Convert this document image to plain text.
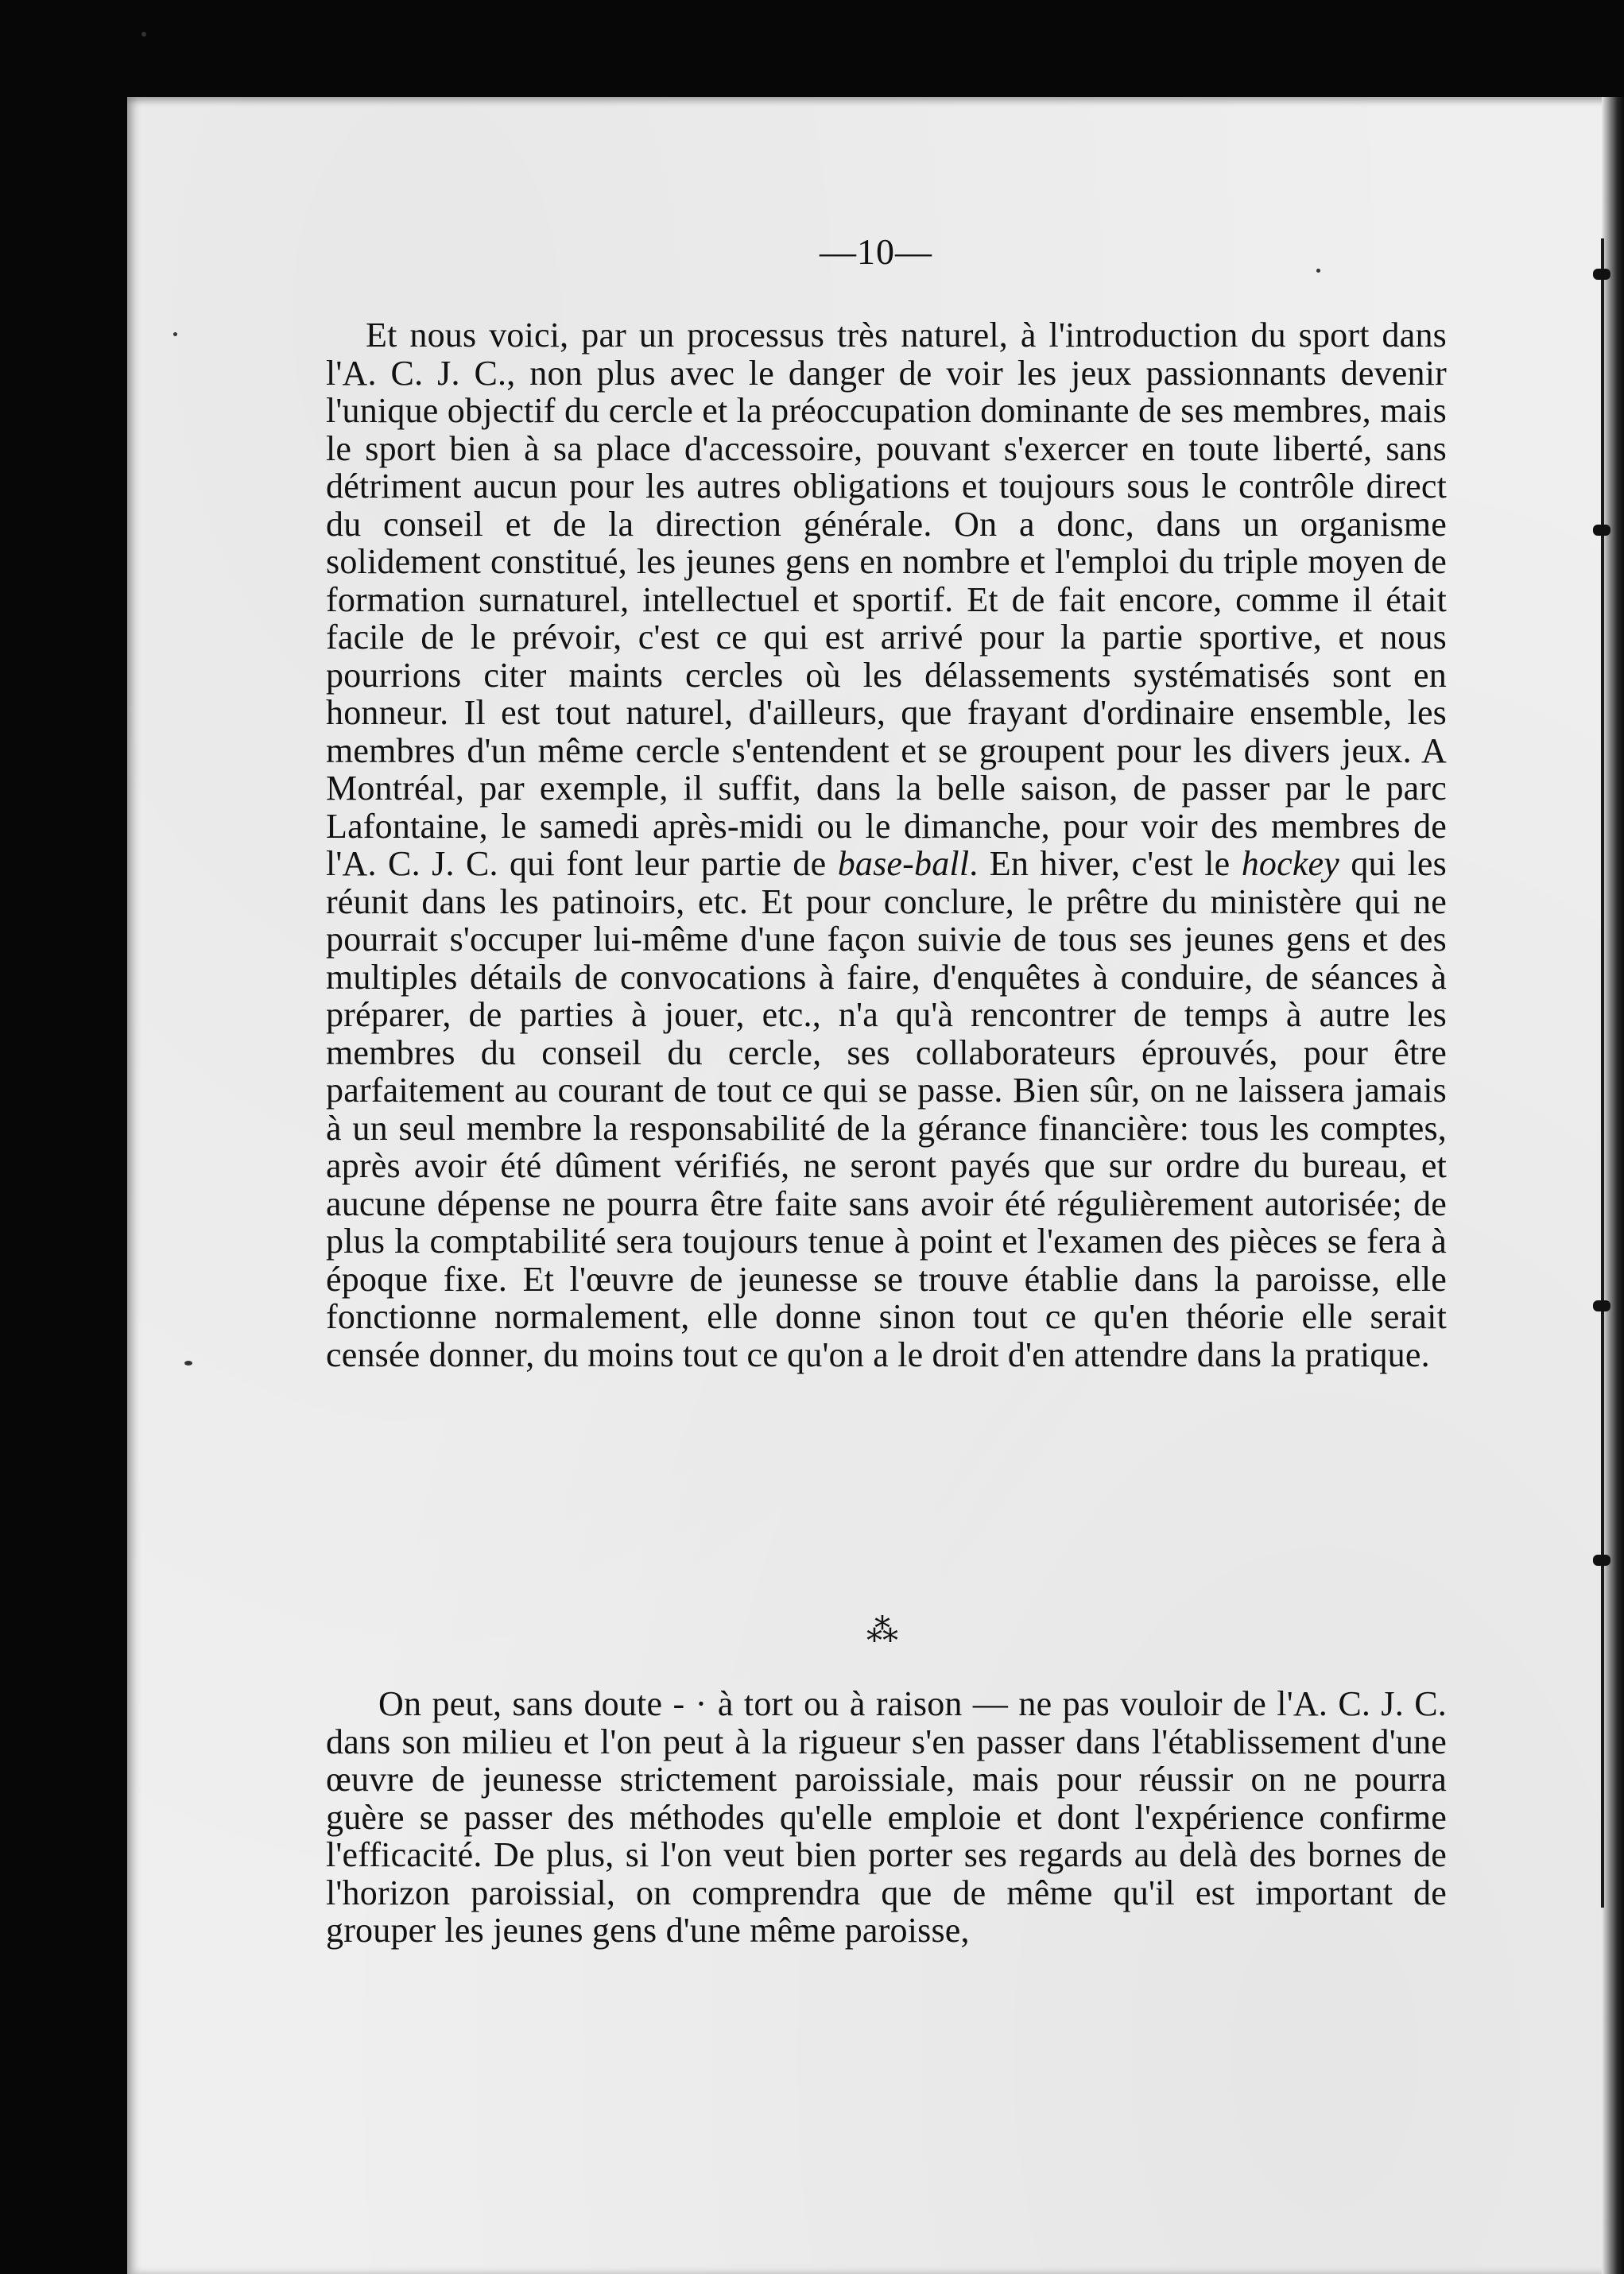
—10—

Et nous voici, par un processus très naturel, à l'introduction du sport dans l'A. C. J. C., non plus avec le danger de voir les jeux passionnants devenir l'unique objectif du cercle et la préoccupation dominante de ses membres, mais le sport bien à sa place d'accessoire, pouvant s'exercer en toute liberté, sans détriment aucun pour les autres obligations et toujours sous le contrôle direct du conseil et de la direction générale. On a donc, dans un organisme solidement constitué, les jeunes gens en nombre et l'emploi du triple moyen de formation surnaturel, intellectuel et sportif. Et de fait encore, comme il était facile de le prévoir, c'est ce qui est arrivé pour la partie sportive, et nous pourrions citer maints cercles où les délassements systématisés sont en honneur. Il est tout naturel, d'ailleurs, que frayant d'ordinaire ensemble, les membres d'un même cercle s'entendent et se groupent pour les divers jeux. A Montréal, par exemple, il suffit, dans la belle saison, de passer par le parc Lafontaine, le samedi après-midi ou le dimanche, pour voir des membres de l'A. C. J. C. qui font leur partie de base-ball. En hiver, c'est le hockey qui les réunit dans les patinoirs, etc. Et pour conclure, le prêtre du ministère qui ne pourrait s'occuper lui-même d'une façon suivie de tous ses jeunes gens et des multiples détails de convocations à faire, d'enquêtes à conduire, de séances à préparer, de parties à jouer, etc., n'a qu'à rencontrer de temps à autre les membres du conseil du cercle, ses collaborateurs éprouvés, pour être parfaitement au courant de tout ce qui se passe. Bien sûr, on ne laissera jamais à un seul membre la responsabilité de la gérance financière: tous les comptes, après avoir été dûment vérifiés, ne seront payés que sur ordre du bureau, et aucune dépense ne pourra être faite sans avoir été régulièrement autorisée; de plus la comptabilité sera toujours tenue à point et l'examen des pièces se fera à époque fixe. Et l'œuvre de jeunesse se trouve établie dans la paroisse, elle fonctionne normalement, elle donne sinon tout ce qu'en théorie elle serait censée donner, du moins tout ce qu'on a le droit d'en attendre dans la pratique.

⁂

On peut, sans doute - · à tort ou à raison — ne pas vouloir de l'A. C. J. C. dans son milieu et l'on peut à la rigueur s'en passer dans l'établissement d'une œuvre de jeunesse strictement paroissiale, mais pour réussir on ne pourra guère se passer des méthodes qu'elle emploie et dont l'expérience confirme l'efficacité. De plus, si l'on veut bien porter ses regards au delà des bornes de l'horizon paroissial, on comprendra que de même qu'il est important de grouper les jeunes gens d'une même paroisse,
